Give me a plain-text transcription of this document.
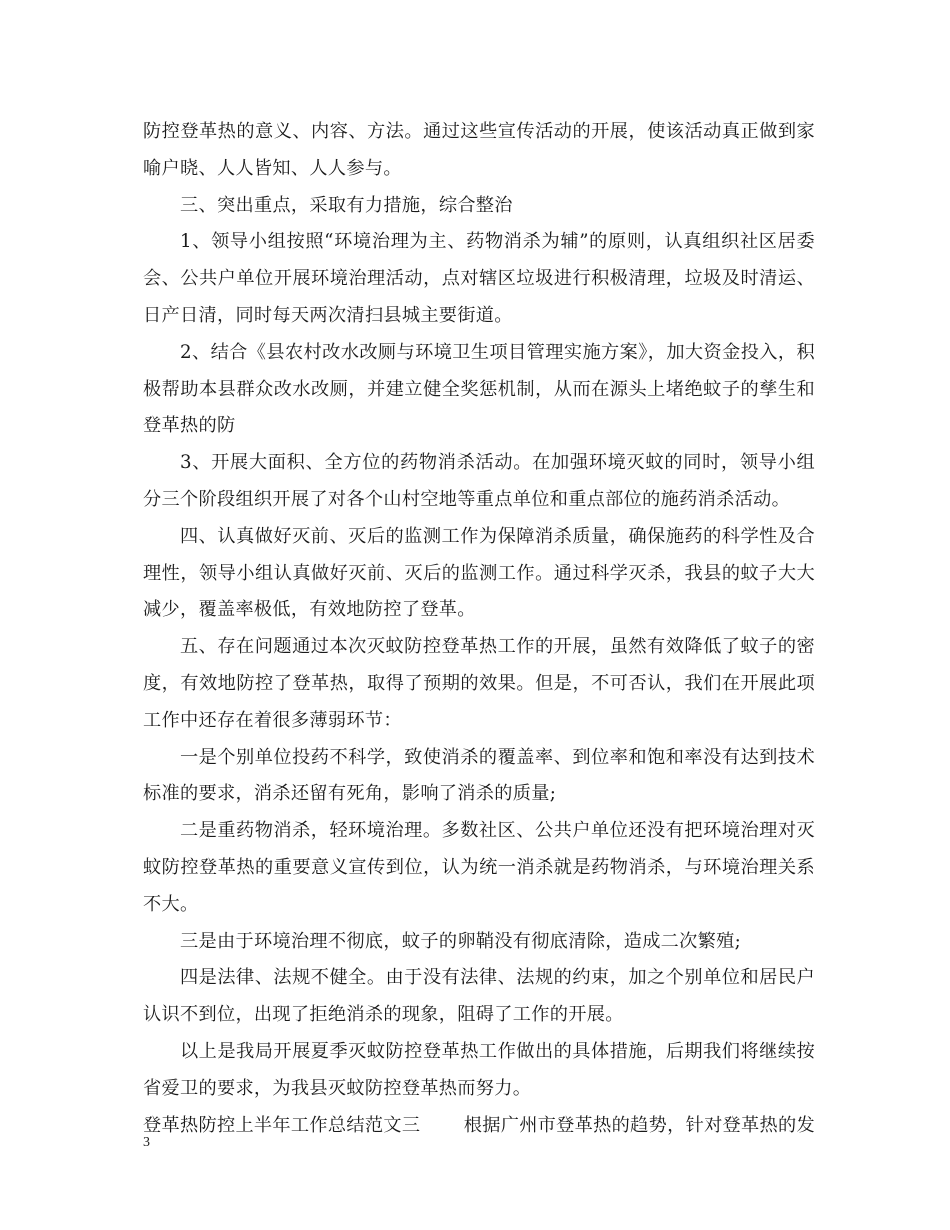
防控登革热的意义、内容、方法。通过这些宣传活动的开展，使该活动真正做到家喻户晓、人人皆知、人人参与。

三、突出重点，采取有力措施，综合整治

1、领导小组按照“环境治理为主、药物消杀为辅”的原则，认真组织社区居委会、公共户单位开展环境治理活动，点对辖区垃圾进行积极清理，垃圾及时清运、日产日清，同时每天两次清扫县城主要街道。

2、结合《县农村改水改厕与环境卫生项目管理实施方案》，加大资金投入，积极帮助本县群众改水改厕，并建立健全奖惩机制，从而在源头上堵绝蚊子的孳生和登革热的防

3、开展大面积、全方位的药物消杀活动。在加强环境灭蚊的同时，领导小组分三个阶段组织开展了对各个山村空地等重点单位和重点部位的施药消杀活动。

四、认真做好灭前、灭后的监测工作为保障消杀质量，确保施药的科学性及合理性，领导小组认真做好灭前、灭后的监测工作。通过科学灭杀，我县的蚊子大大减少，覆盖率极低，有效地防控了登革。

五、存在问题通过本次灭蚊防控登革热工作的开展，虽然有效降低了蚊子的密度，有效地防控了登革热，取得了预期的效果。但是，不可否认，我们在开展此项工作中还存在着很多薄弱环节：

一是个别单位投药不科学，致使消杀的覆盖率、到位率和饱和率没有达到技术标准的要求，消杀还留有死角，影响了消杀的质量;

二是重药物消杀，轻环境治理。多数社区、公共户单位还没有把环境治理对灭蚊防控登革热的重要意义宣传到位，认为统一消杀就是药物消杀，与环境治理关系不大。

三是由于环境治理不彻底，蚊子的卵鞘没有彻底清除，造成二次繁殖;

四是法律、法规不健全。由于没有法律、法规的约束，加之个别单位和居民户认识不到位，出现了拒绝消杀的现象，阻碍了工作的开展。

以上是我局开展夏季灭蚊防控登革热工作做出的具体措施，后期我们将继续按省爱卫的要求，为我县灭蚊防控登革热而努力。

登革热防控上半年工作总结范文三 根据广州市登革热的趋势，针对登革热的发
3
